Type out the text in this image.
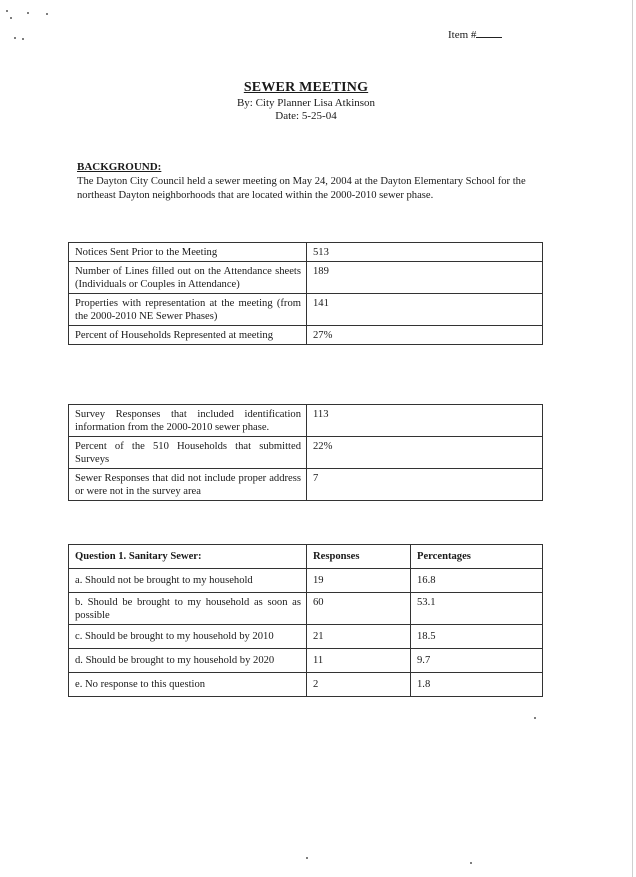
Item #
SEWER MEETING
By: City Planner Lisa Atkinson
Date: 5-25-04
BACKGROUND:
The Dayton City Council held a sewer meeting on May 24, 2004 at the Dayton Elementary School for the northeast Dayton neighborhoods that are located within the 2000-2010 sewer phase.
Notices Sent Prior to the Meeting	513
Number of Lines filled out on the Attendance sheets (Individuals or Couples in Attendance)	189
Properties with representation at the meeting (from the 2000-2010 NE Sewer Phases)	141
Percent of Households Represented at meeting	27%
Survey Responses that included identification information from the 2000-2010 sewer phase.	113
Percent of the 510 Households that submitted Surveys	22%
Sewer Responses that did not include proper address or were not in the survey area	7
Question 1. Sanitary Sewer:	Responses	Percentages
a. Should not be brought to my household	19	16.8
b. Should be brought to my household as soon as possible	60	53.1
c. Should be brought to my household by 2010	21	18.5
d. Should be brought to my household by 2020	11	9.7
e. No response to this question	2	1.8
